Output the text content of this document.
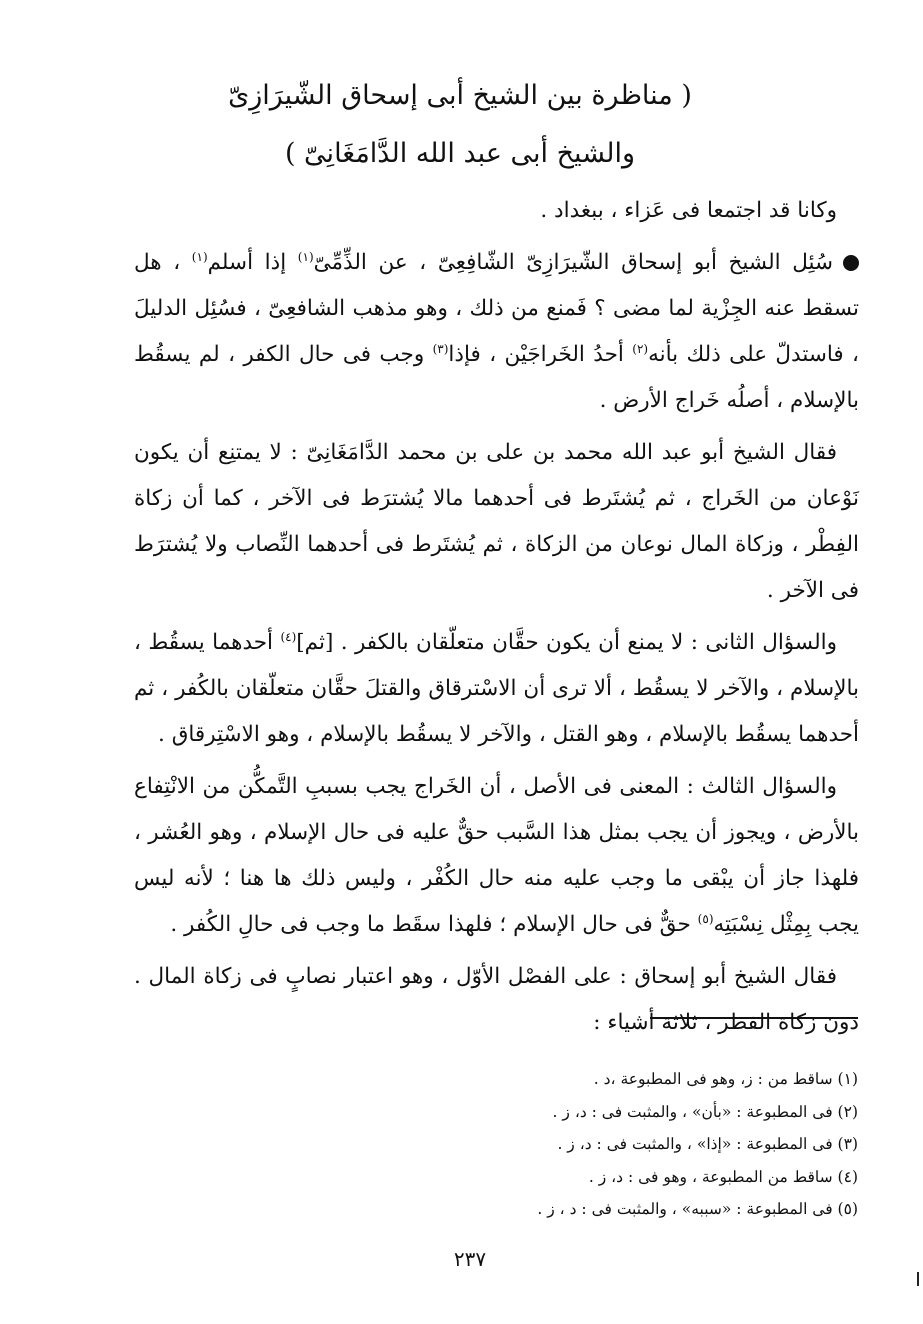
( مناظرة بين الشيخ أبى إسحاق الشّيرَازِىّ
والشيخ أبى عبد الله الدَّامَغَانِىّ )

وكانا قد اجتمعا فى عَزاء ، ببغداد .

سُئِل الشيخ أبو إسحاق الشّيرَازِىّ الشّافِعِىّ ، عن الذِّمِّىّ$^{(١)}$ إذا أسلم$^{(١)}$ ، هل تسقط عنه الجِزْية لما مضى ؟ فَمنع من ذلك ، وهو مذهب الشافعِىّ ، فسُئِل الدليلَ ، فاستدلّ على ذلك بأنه$^{(٢)}$ أحدُ الخَراجَيْن ، فإذا$^{(٣)}$ وجب فى حال الكفر ، لم يسقُط بالإسلام ، أصلُه خَراج الأرض .

فقال الشيخ أبو عبد الله محمد بن على بن محمد الدَّامَغَانِىّ : لا يمتنِع أن يكون نَوْعان من الخَراج ، ثم يُشتَرط فى أحدهما مالا يُشترَط فى الآخر ، كما أن زكاة الفِطْر ، وزكاة المال نوعان من الزكاة ، ثم يُشتَرط فى أحدهما النِّصاب ولا يُشترَط فى الآخر .

والسؤال الثانى : لا يمنع أن يكون حقَّان متعلّقان بالكفر . [ثم]$^{(٤)}$ أحدهما يسقُط ، بالإسلام ، والآخر لا يسقُط ، ألا ترى أن الاسْترقاق والقتلَ حقَّان متعلّقان بالكُفر ، ثم أحدهما يسقُط بالإسلام ، وهو القتل ، والآخر لا يسقُط بالإسلام ، وهو الاسْتِرقاق .

والسؤال الثالث : المعنى فى الأصل ، أن الخَراج يجب بسببِ التَّمكُّن من الانْتِفاع بالأرض ، ويجوز أن يجب بمثل هذا السَّبب حقٌّ عليه فى حال الإسلام ، وهو العُشر ، فلهذا جاز أن يبْقى ما وجب عليه منه حال الكُفْر ، وليس ذلك ها هنا ؛ لأنه ليس يجب بِمِثْل نِسْبَتِه$^{(٥)}$ حقٌّ فى حال الإسلام ؛ فلهذا سقَط ما وجب فى حالِ الكُفر .

فقال الشيخ أبو إسحاق : على الفصْل الأوّل ، وهو اعتبار نصابٍ فى زكاة المال . دون زكاة الفطر ، ثلاثة أشياء :

(١) ساقط من : ز، وهو فى المطبوعة ،د .
(٢) فى المطبوعة : «بأن» ، والمثبت فى : د، ز .
(٣) فى المطبوعة : «إذا» ، والمثبت فى : د، ز .
(٤) ساقط من المطبوعة ، وهو فى : د، ز .
(٥) فى المطبوعة : «سببه» ، والمثبت فى : د ، ز .
٢٣٧
